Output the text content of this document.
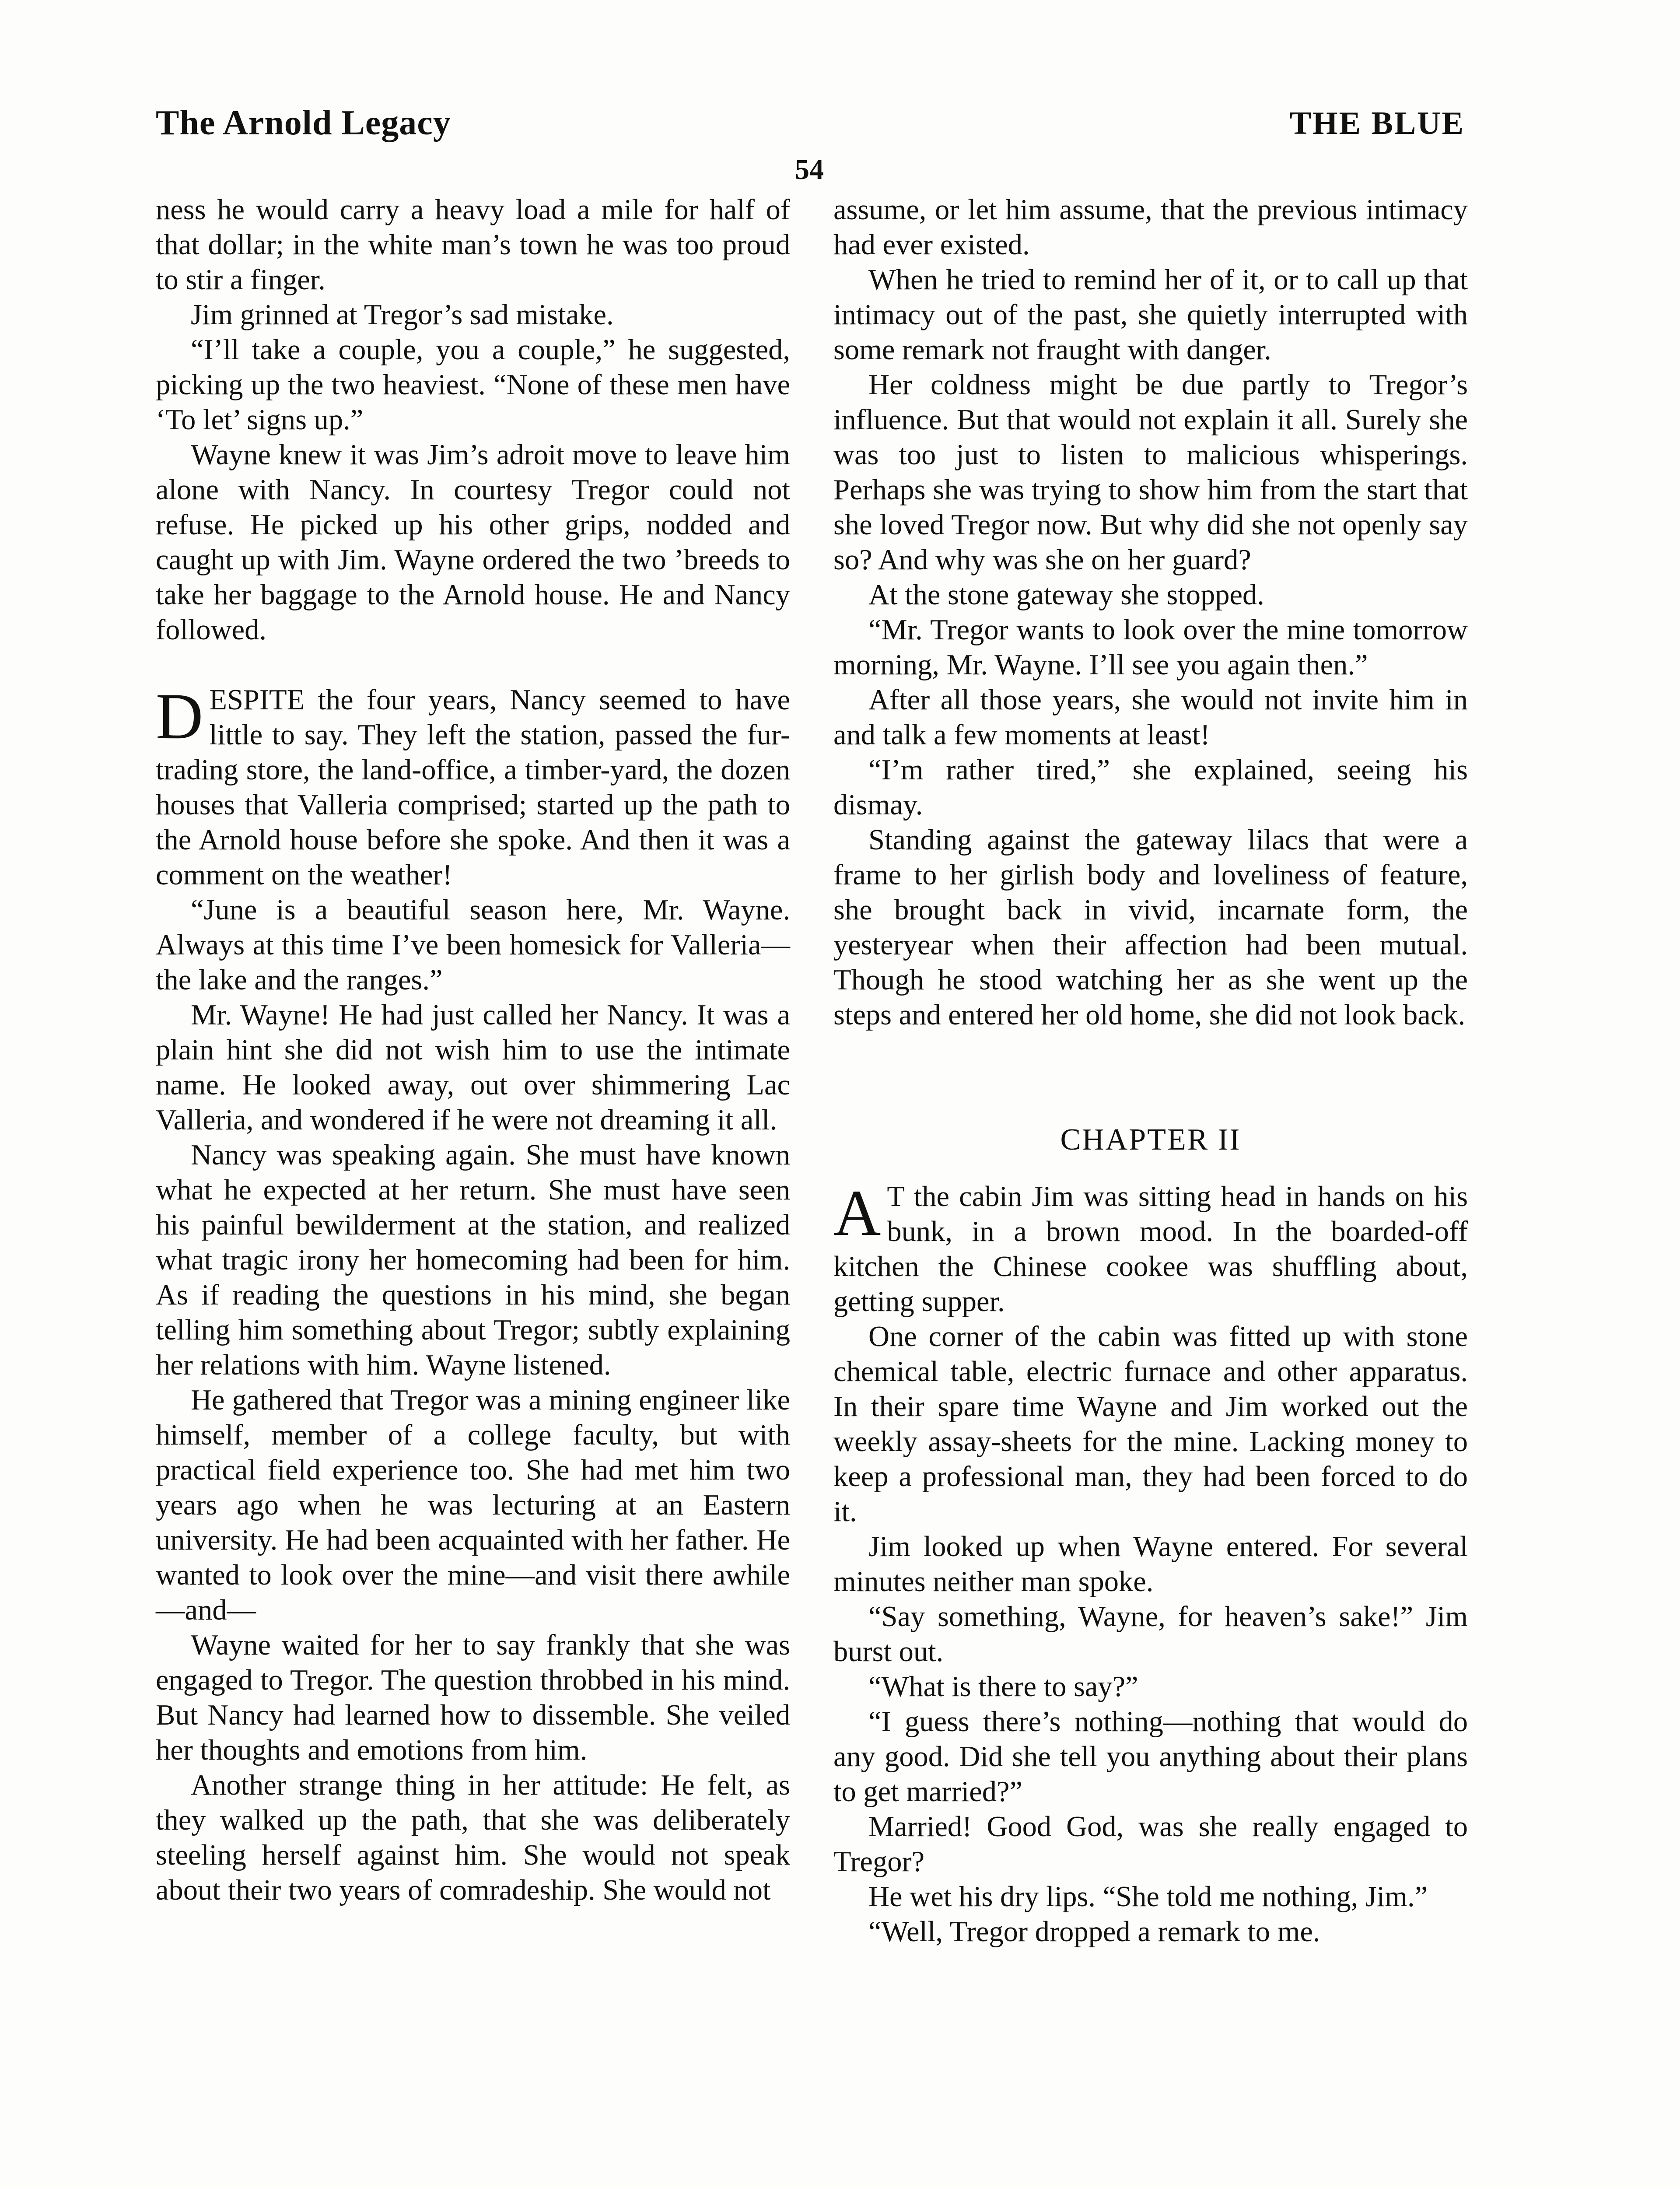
The Arnold Legacy	THE BLUE
54

ness he would carry a heavy load a mile for half of that dollar; in the white man’s town he was too proud to stir a finger.

Jim grinned at Tregor’s sad mistake.

“I’ll take a couple, you a couple,” he suggested, picking up the two heaviest. “None of these men have ‘To let’ signs up.”

Wayne knew it was Jim’s adroit move to leave him alone with Nancy. In courtesy Tregor could not refuse. He picked up his other grips, nodded and caught up with Jim. Wayne ordered the two ’breeds to take her baggage to the Arnold house. He and Nancy followed.

DESPITE the four years, Nancy seemed to have little to say. They left the station, passed the fur-trading store, the land-office, a timber-yard, the dozen houses that Valleria comprised; started up the path to the Arnold house before she spoke. And then it was a comment on the weather!

“June is a beautiful season here, Mr. Wayne. Always at this time I’ve been homesick for Valleria—the lake and the ranges.”

Mr. Wayne! He had just called her Nancy. It was a plain hint she did not wish him to use the intimate name. He looked away, out over shimmering Lac Valleria, and wondered if he were not dreaming it all.

Nancy was speaking again. She must have known what he expected at her return. She must have seen his painful bewilderment at the station, and realized what tragic irony her homecoming had been for him. As if reading the questions in his mind, she began telling him something about Tregor; subtly explaining her relations with him. Wayne listened.

He gathered that Tregor was a mining engineer like himself, member of a college faculty, but with practical field experience too. She had met him two years ago when he was lecturing at an Eastern university. He had been acquainted with her father. He wanted to look over the mine—and visit there awhile—and—

Wayne waited for her to say frankly that she was engaged to Tregor. The question throbbed in his mind. But Nancy had learned how to dissemble. She veiled her thoughts and emotions from him.

Another strange thing in her attitude: He felt, as they walked up the path, that she was deliberately steeling herself against him. She would not speak about their two years of comradeship. She would not

assume, or let him assume, that the previous intimacy had ever existed.

When he tried to remind her of it, or to call up that intimacy out of the past, she quietly interrupted with some remark not fraught with danger.

Her coldness might be due partly to Tregor’s influence. But that would not explain it all. Surely she was too just to listen to malicious whisperings. Perhaps she was trying to show him from the start that she loved Tregor now. But why did she not openly say so? And why was she on her guard?

At the stone gateway she stopped.

“Mr. Tregor wants to look over the mine tomorrow morning, Mr. Wayne. I’ll see you again then.”

After all those years, she would not invite him in and talk a few moments at least!

“I’m rather tired,” she explained, seeing his dismay.

Standing against the gateway lilacs that were a frame to her girlish body and loveliness of feature, she brought back in vivid, incarnate form, the yesteryear when their affection had been mutual. Though he stood watching her as she went up the steps and entered her old home, she did not look back.

CHAPTER II

A T the cabin Jim was sitting head in hands on his bunk, in a brown mood. In the boarded-off kitchen the Chinese cookee was shuffling about, getting supper.

One corner of the cabin was fitted up with stone chemical table, electric furnace and other apparatus. In their spare time Wayne and Jim worked out the weekly assay-sheets for the mine. Lacking money to keep a professional man, they had been forced to do it.

Jim looked up when Wayne entered. For several minutes neither man spoke.

“Say something, Wayne, for heaven’s sake!” Jim burst out.

“What is there to say?”

“I guess there’s nothing—nothing that would do any good. Did she tell you anything about their plans to get married?”

Married! Good God, was she really engaged to Tregor?

He wet his dry lips. “She told me nothing, Jim.”

“Well, Tregor dropped a remark to me.
